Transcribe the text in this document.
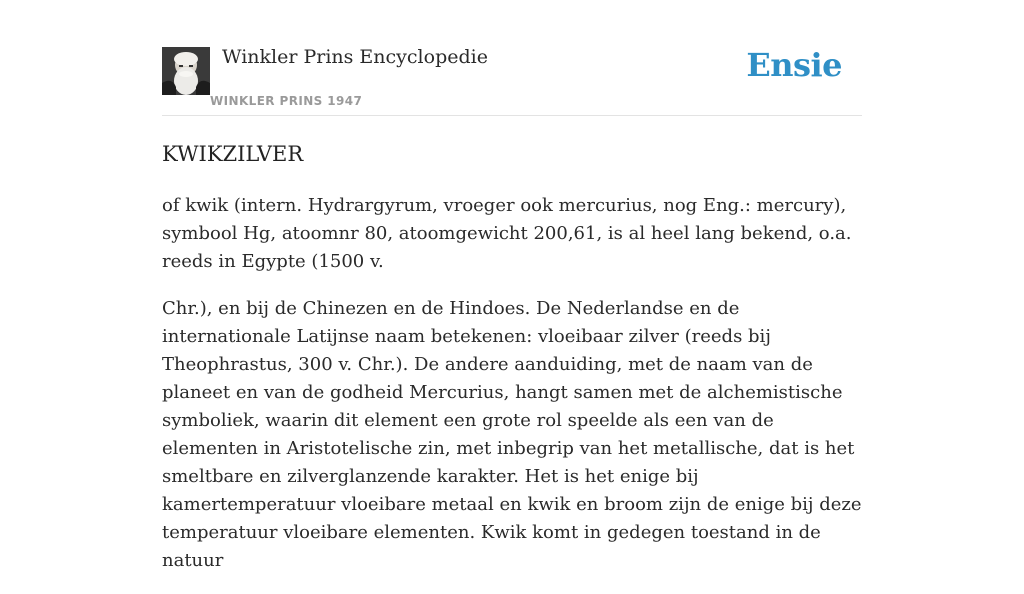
Winkler Prins Encyclopedie
WINKLER PRINS 1947
Ensie
KWIKZILVER

of kwik (intern. Hydrargyrum, vroeger ook mercurius, nog Eng.: mercury), symbool Hg, atoomnr 80, atoomgewicht 200,61, is al heel lang bekend, o.a. reeds in Egypte (1500 v.

Chr.), en bij de Chinezen en de Hindoes. De Nederlandse en de internationale Latijnse naam betekenen: vloeibaar zilver (reeds bij Theophrastus, 300 v. Chr.). De andere aanduiding, met de naam van de planeet en van de godheid Mercurius, hangt samen met de alchemistische symboliek, waarin dit element een grote rol speelde als een van de elementen in Aristotelische zin, met inbegrip van het metallische, dat is het smeltbare en zilverglanzende karakter. Het is het enige bij kamertemperatuur vloeibare metaal en kwik en broom zijn de enige bij deze temperatuur vloeibare elementen. Kwik komt in gedegen toestand in de natuur
